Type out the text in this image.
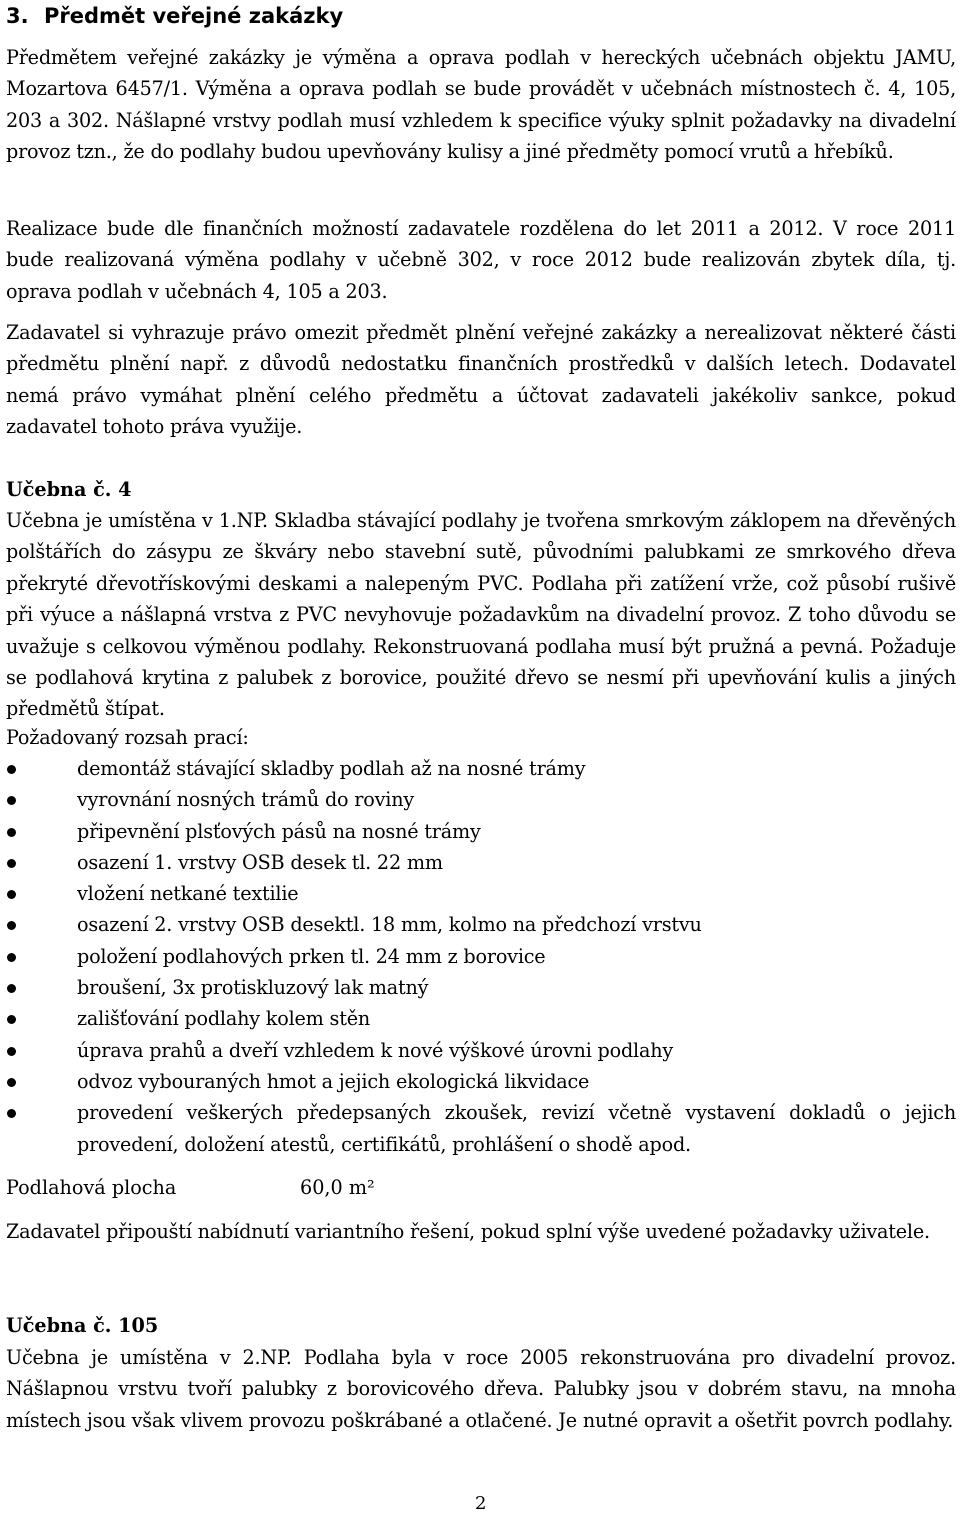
3. Předmět veřejné zakázky
Předmětem veřejné zakázky je výměna a oprava podlah v hereckých učebnách objektu JAMU, Mozartova 6457/1. Výměna a oprava podlah se bude provádět v učebnách místnostech č. 4, 105, 203 a 302. Nášlapné vrstvy podlah musí vzhledem k specifice výuky splnit požadavky na divadelní provoz tzn., že do podlahy budou upevňovány kulisy a jiné předměty pomocí vrutů a hřebíků.
Realizace bude dle finančních možností zadavatele rozdělena do let 2011 a 2012. V roce 2011 bude realizovaná výměna podlahy v učebně 302, v roce 2012 bude realizován zbytek díla, tj. oprava podlah v učebnách 4, 105 a 203.
Zadavatel si vyhrazuje právo omezit předmět plnění veřejné zakázky a nerealizovat některé části předmětu plnění např. z důvodů nedostatku finančních prostředků v dalších letech. Dodavatel nemá právo vymáhat plnění celého předmětu a účtovat zadavateli jakékoliv sankce, pokud zadavatel tohoto práva využije.
Učebna č. 4
Učebna je umístěna v 1.NP. Skladba stávající podlahy je tvořena smrkovým záklopem na dřevěných polštářích do zásypu ze škváry nebo stavební sutě, původními palubkami ze smrkového dřeva překryté dřevotřískovými deskami a nalepeným PVC. Podlaha při zatížení vrže, což působí rušivě při výuce a nášlapná vrstva z PVC nevyhovuje požadavkům na divadelní provoz. Z toho důvodu se uvažuje s celkovou výměnou podlahy. Rekonstruovaná podlaha musí být pružná a pevná. Požaduje se podlahová krytina z palubek z borovice, použité dřevo se nesmí při upevňování kulis a jiných předmětů štípat.
Požadovaný rozsah prací:
demontáž stávající skladby podlah až na nosné trámy
vyrovnání nosných trámů do roviny
připevnění plsťových pásů na nosné trámy
osazení 1. vrstvy OSB desek tl. 22 mm
vložení netkané textilie
osazení 2. vrstvy OSB desektl. 18 mm, kolmo na předchozí vrstvu
položení podlahových prken tl. 24 mm z borovice
broušení, 3x protiskluzový lak matný
zališťování podlahy kolem stěn
úprava prahů a dveří vzhledem k nové výškové úrovni podlahy
odvoz vybouraných hmot a jejich ekologická likvidace
provedení veškerých předepsaných zkoušek, revizí včetně vystavení dokladů o jejich provedení, doložení atestů, certifikátů, prohlášení o shodě apod.
Podlahová plocha	60,0 m²
Zadavatel připouští nabídnutí variantního řešení, pokud splní výše uvedené požadavky uživatele.
Učebna č. 105
Učebna je umístěna v 2.NP. Podlaha byla v roce 2005 rekonstruována pro divadelní provoz. Nášlapnou vrstvu tvoří palubky z borovicového dřeva. Palubky jsou v dobrém stavu, na mnoha místech jsou však vlivem provozu poškrábané a otlačené. Je nutné opravit a ošetřit povrch podlahy.
2
